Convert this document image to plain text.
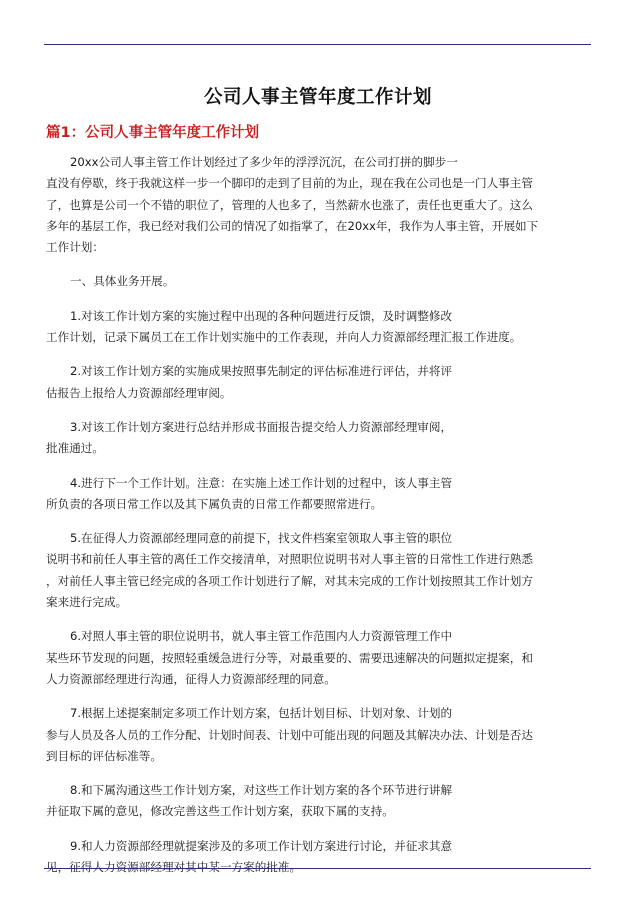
公司人事主管年度工作计划
篇1：公司人事主管年度工作计划

20xx公司人事主管工作计划经过了多少年的浮浮沉沉，在公司打拼的脚步一
直没有停歇，终于我就这样一步一个脚印的走到了目前的为止，现在我在公司也是一门人事主管
了，也算是公司一个不错的职位了，管理的人也多了，当然薪水也涨了，责任也更重大了。这么
多年的基层工作，我已经对我们公司的情况了如指掌了，在20xx年，我作为人事主管，开展如下
工作计划：

一、具体业务开展。

1.对该工作计划方案的实施过程中出现的各种问题进行反馈，及时调整修改
工作计划，记录下属员工在工作计划实施中的工作表现，并向人力资源部经理汇报工作进度。

2.对该工作计划方案的实施成果按照事先制定的评估标准进行评估，并将评
估报告上报给人力资源部经理审阅。

3.对该工作计划方案进行总结并形成书面报告提交给人力资源部经理审阅，
批准通过。

4.进行下一个工作计划。注意：在实施上述工作计划的过程中，该人事主管
所负责的各项日常工作以及其下属负责的日常工作都要照常进行。

5.在征得人力资源部经理同意的前提下，找文件档案室领取人事主管的职位
说明书和前任人事主管的离任工作交接清单，对照职位说明书对人事主管的日常性工作进行熟悉
，对前任人事主管已经完成的各项工作计划进行了解，对其未完成的工作计划按照其工作计划方
案来进行完成。

6.对照人事主管的职位说明书，就人事主管工作范围内人力资源管理工作中
某些环节发现的问题，按照轻重缓急进行分等，对最重要的、需要迅速解决的问题拟定提案，和
人力资源部经理进行沟通，征得人力资源部经理的同意。

7.根据上述提案制定多项工作计划方案，包括计划目标、计划对象、计划的
参与人员及各人员的工作分配、计划时间表、计划中可能出现的问题及其解决办法、计划是否达
到目标的评估标准等。

8.和下属沟通这些工作计划方案，对这些工作计划方案的各个环节进行讲解
并征取下属的意见，修改完善这些工作计划方案，获取下属的支持。

9.和人力资源部经理就提案涉及的多项工作计划方案进行讨论，并征求其意
见，征得人力资源部经理对其中某一方案的批准。
